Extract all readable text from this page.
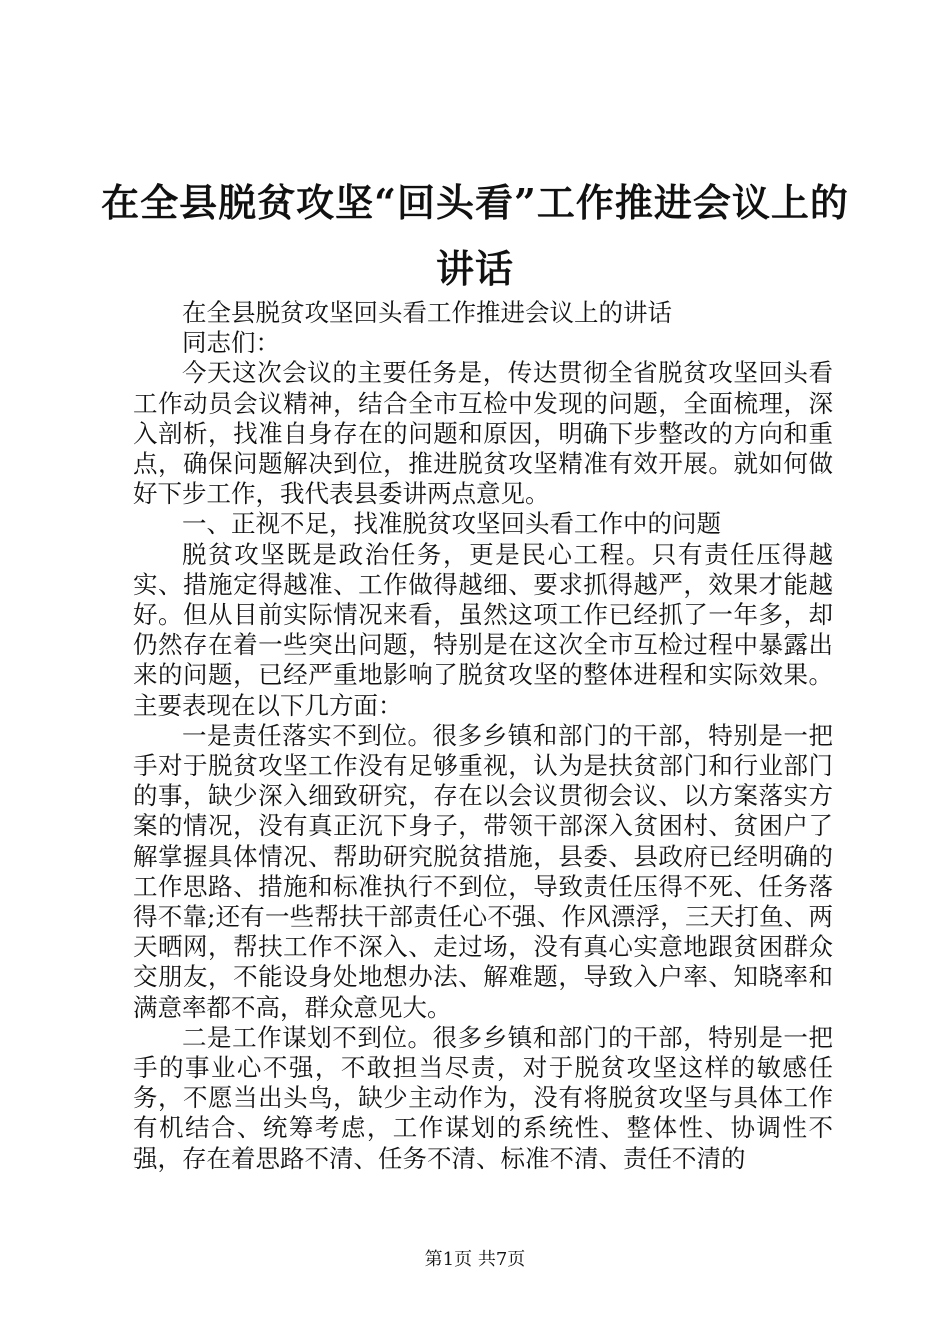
在全县脱贫攻坚“回头看”工作推进会议上的讲话

在全县脱贫攻坚回头看工作推进会议上的讲话

同志们：

今天这次会议的主要任务是，传达贯彻全省脱贫攻坚回头看工作动员会议精神，结合全市互检中发现的问题，全面梳理，深入剖析，找准自身存在的问题和原因，明确下步整改的方向和重点，确保问题解决到位，推进脱贫攻坚精准有效开展。就如何做好下步工作，我代表县委讲两点意见。

一、正视不足，找准脱贫攻坚回头看工作中的问题

脱贫攻坚既是政治任务，更是民心工程。只有责任压得越实、措施定得越准、工作做得越细、要求抓得越严，效果才能越好。但从目前实际情况来看，虽然这项工作已经抓了一年多，却仍然存在着一些突出问题，特别是在这次全市互检过程中暴露出来的问题，已经严重地影响了脱贫攻坚的整体进程和实际效果。主要表现在以下几方面：

一是责任落实不到位。很多乡镇和部门的干部，特别是一把手对于脱贫攻坚工作没有足够重视，认为是扶贫部门和行业部门的事，缺少深入细致研究，存在以会议贯彻会议、以方案落实方案的情况，没有真正沉下身子，带领干部深入贫困村、贫困户了解掌握具体情况、帮助研究脱贫措施，县委、县政府已经明确的工作思路、措施和标准执行不到位，导致责任压得不死、任务落得不靠;还有一些帮扶干部责任心不强、作风漂浮，三天打鱼、两天晒网，帮扶工作不深入、走过场，没有真心实意地跟贫困群众交朋友，不能设身处地想办法、解难题，导致入户率、知晓率和满意率都不高，群众意见大。

二是工作谋划不到位。很多乡镇和部门的干部，特别是一把手的事业心不强，不敢担当尽责，对于脱贫攻坚这样的敏感任务，不愿当出头鸟，缺少主动作为，没有将脱贫攻坚与具体工作有机结合、统筹考虑，工作谋划的系统性、整体性、协调性不强，存在着思路不清、任务不清、标准不清、责任不清的

第1页 共7页
